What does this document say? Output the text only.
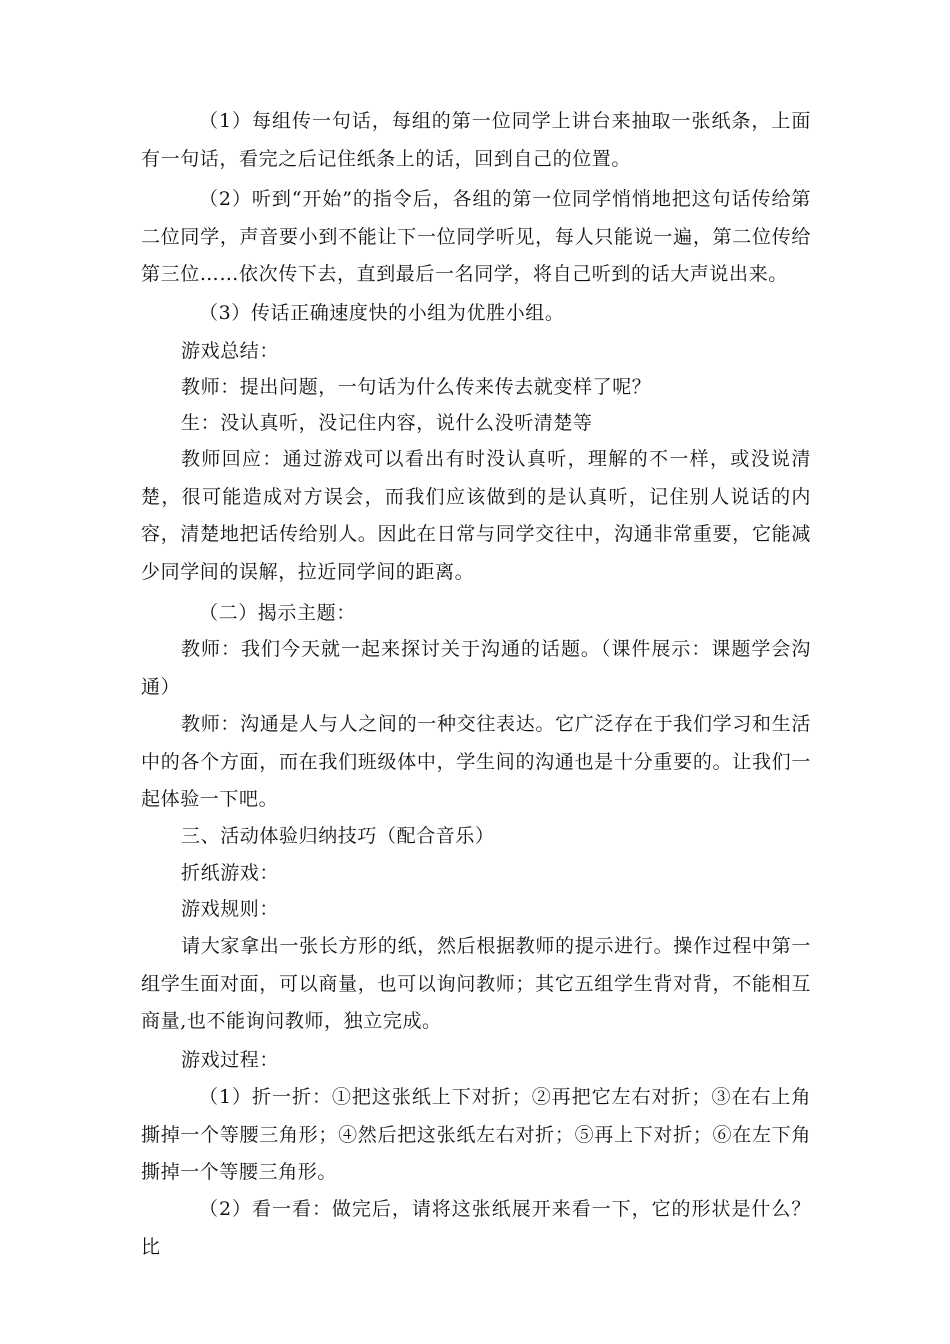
（1）每组传一句话，每组的第一位同学上讲台来抽取一张纸条，上面有一句话，看完之后记住纸条上的话，回到自己的位置。

（2）听到“开始”的指令后，各组的第一位同学悄悄地把这句话传给第二位同学，声音要小到不能让下一位同学听见，每人只能说一遍，第二位传给第三位……依次传下去，直到最后一名同学，将自己听到的话大声说出来。

（3）传话正确速度快的小组为优胜小组。

游戏总结：

教师：提出问题，一句话为什么传来传去就变样了呢？

生：没认真听，没记住内容，说什么没听清楚等

教师回应：通过游戏可以看出有时没认真听，理解的不一样，或没说清楚，很可能造成对方误会，而我们应该做到的是认真听，记住别人说话的内容，清楚地把话传给别人。因此在日常与同学交往中，沟通非常重要，它能减少同学间的误解，拉近同学间的距离。

（二）揭示主题：

教师：我们今天就一起来探讨关于沟通的话题。（课件展示：课题学会沟通）

教师：沟通是人与人之间的一种交往表达。它广泛存在于我们学习和生活中的各个方面，而在我们班级体中，学生间的沟通也是十分重要的。让我们一起体验一下吧。

三、活动体验归纳技巧（配合音乐）

折纸游戏：

游戏规则：

请大家拿出一张长方形的纸，然后根据教师的提示进行。操作过程中第一组学生面对面，可以商量，也可以询问教师；其它五组学生背对背，不能相互商量,也不能询问教师，独立完成。

游戏过程：

（1）折一折：①把这张纸上下对折；②再把它左右对折；③在右上角撕掉一个等腰三角形；④然后把这张纸左右对折；⑤再上下对折；⑥在左下角撕掉一个等腰三角形。

（2）看一看：做完后，请将这张纸展开来看一下，它的形状是什么？比
